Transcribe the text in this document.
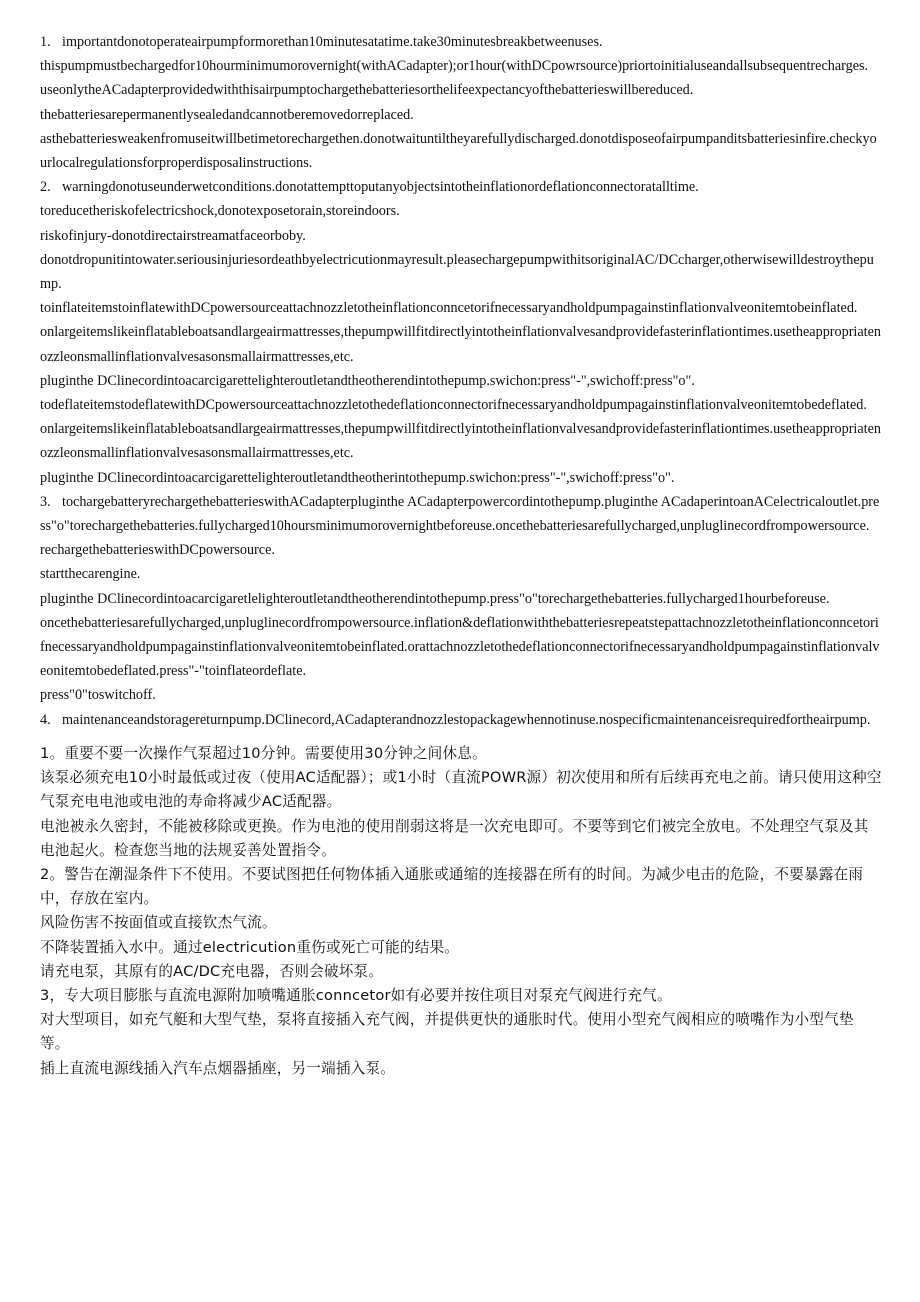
1. importantdonotoperateairpumpformorethan10minutesatatime.take30minutesbreakbetweenuses.

thispumpmustbechargedfor10hourminimumorovernight(withACadapter);or1hour(withDCpowrsource)priortoinitialuseandallsubsequentrecharges.

useonlytheACadapterprovidedwiththisairpumptochargethebatteriesorthelifeexpectancyofthebatterieswillbereduced.

thebatteriesarepermanentlysealedandcannotberemovedorreplaced.

asthebatteriesweakenfromuseitwillbetimetorechargethen.donotwaituntiltheyarefullydischarged.donotdisposeofairpumpanditsbatteriesinfire.checkyourlocalregulationsforproperdisposalinstructions.

2. warningdonotuseunderwetconditions.donotattempttoputanyobjectsintotheinflationordeflationconnectoratalltime.

toreducetheriskofelectricshock,donotexposetorain,storeindoors.

riskofinjury-donotdirectairstreamatfaceorboby.

donotdropunitintowater.seriousinjuriesordeathbyelectricutionmayresult.pleasechargepumpwithitsoriginalAC/DCcharger,otherwisewilldestroythepump.

toinflateitemstoinflatewithDCpowersourceattachnozzletotheinflationconncetorifnecessaryandholdpumpagainstinflationvalveonitemtobeinflated.

onlargeitemslikeinflatableboatsandlargeairmattresses,thepumpwillfitdirectlyintotheinflationvalvesandprovidefasterinflationtimes.usetheappropriatenozzleonsmallinflationvalvesasonsmallairmattresses,etc.

pluginthe DClinecordintoacarcigarettelighteroutletandtheotherendintothepump.swichon:press"-",swichoff:press"o".

todeflateitemstodeflatewithDCpowersourceattachnozzletothedeflationconnectorifnecessaryandholdpumpagainstinflationvalveonitemtobedeflated.

onlargeitemslikeinflatableboatsandlargeairmattresses,thepumpwillfitdirectlyintotheinflationvalvesandprovidefasterinflationtimes.usetheappropriatenozzleonsmallinflationvalvesasonsmallairmattresses,etc.

pluginthe DClinecordintoacarcigarettelighteroutletandtheotherintothepump.swichon:press"-",swichoff:press"o".

3. tochargebatteryrechargethebatterieswithACadapterpluginthe ACadapterpowercordintothepump.pluginthe ACadaperintoanACelectricaloutlet.press"o"torechargethebatteries.fullycharged10hoursminimumorovernightbeforeuse.oncethebatteriesarefullycharged,unpluglinecordfrompowersource.

rechargethebatterieswithDCpowersource.

startthecarengine.

pluginthe DClinecordintoacarcigaretlelighteroutletandtheotherendintothepump.press"o"torechargethebatteries.fullycharged1hourbeforeuse.

oncethebatteriesarefullycharged,unpluglinecordfrompowersource.inflation&deflationwiththebatteriesrepeatstepattachnozzletotheinflationconncetorifnecessaryandholdpumpagainstinflationvalveonitemtobeinflated.orattachnozzletothedeflationconnectorifnecessaryandholdpumpagainstinflationvalveonitemtobedeflated.press"-"toinflateordeflate.

press"0"toswitchoff.

4. maintenanceandstoragereturnpump.DClinecord,ACadapterandnozzlestopackagewhennotinuse.nospecificmaintenanceisrequiredfortheairpump.

1。重要不要一次操作气泵超过10分钟。需要使用30分钟之间休息。

该泵必须充电10小时最低或过夜（使用AC适配器）；或1小时（直流POWR源）初次使用和所有后续再充电之前。请只使用这种空气泵充电电池或电池的寿命将减少AC适配器。

电池被永久密封，不能被移除或更换。作为电池的使用削弱这将是一次充电即可。不要等到它们被完全放电。不处理空气泵及其电池起火。检查您当地的法规妥善处置指令。

2。警告在潮湿条件下不使用。不要试图把任何物体插入通胀或通缩的连接器在所有的时间。为减少电击的危险，不要暴露在雨中，存放在室内。

风险伤害不按面值或直接钦杰气流。

不降装置插入水中。通过electricution重伤或死亡可能的结果。

请充电泵，其原有的AC/DC充电器，否则会破坏泵。

3，专大项目膨胀与直流电源附加喷嘴通胀conncetor如有必要并按住项目对泵充气阀进行充气。

对大型项目，如充气艇和大型气垫，泵将直接插入充气阀，并提供更快的通胀时代。使用小型充气阀相应的喷嘴作为小型气垫等。

插上直流电源线插入汽车点烟器插座，另一端插入泵。
